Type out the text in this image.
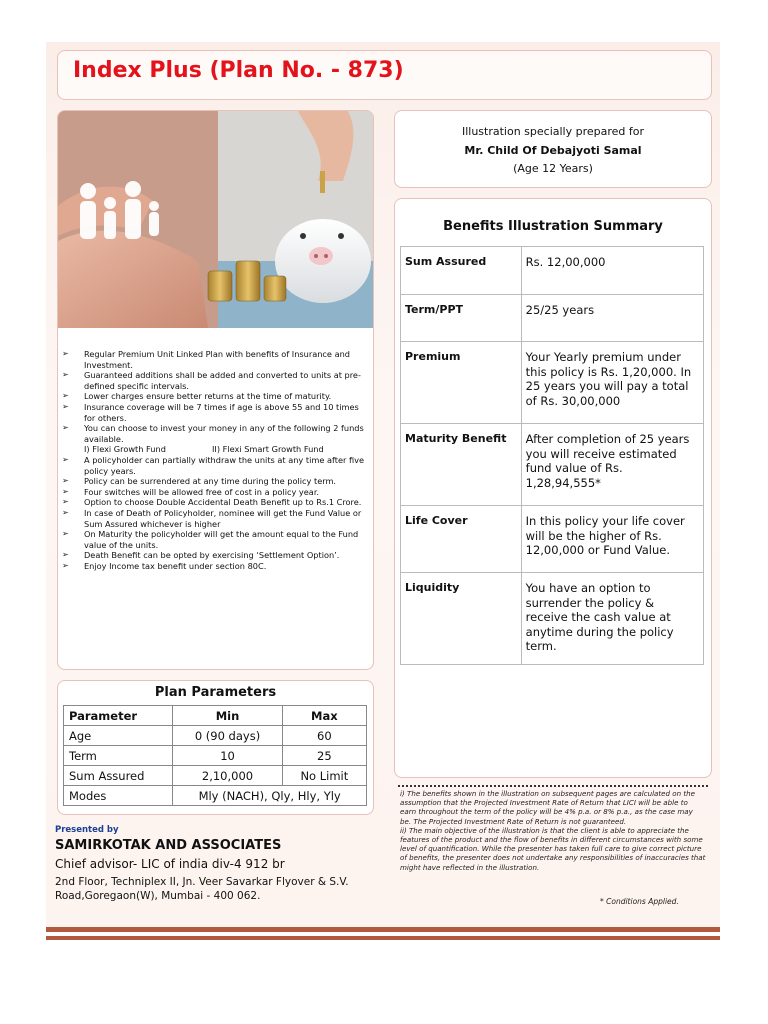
Index Plus (Plan No. - 873)
➢ Regular Premium Unit Linked Plan with benefits of Insurance and Investment.
➢ Guaranteed additions shall be added and converted to units at pre-defined specific intervals.
➢ Lower charges ensure better returns at the time of maturity.
➢ Insurance coverage will be 7 times if age is above 55 and 10 times for others.
➢ You can choose to invest your money in any of the following 2 funds available.
I) Flexi Growth Fund	II) Flexi Smart Growth Fund
➢ A policyholder can partially withdraw the units at any time after five policy years.
➢ Policy can be surrendered at any time during the policy term.
➢ Four switches will be allowed free of cost in a policy year.
➢ Option to choose Double Accidental Death Benefit up to Rs.1 Crore.
➢ In case of Death of Policyholder, nominee will get the Fund Value or Sum Assured whichever is higher
➢ On Maturity the policyholder will get the amount equal to the Fund value of the units.
➢ Death Benefit can be opted by exercising ‘Settlement Option’.
➢ Enjoy Income tax benefit under section 80C.
Plan Parameters
Parameter	Min	Max
Age	0 (90 days)	60
Term	10	25
Sum Assured	2,10,000	No Limit
Modes	Mly (NACH), Qly, Hly, Yly	
Presented by
SAMIRKOTAK AND ASSOCIATES
Chief advisor- LIC of india div-4 912 br
2nd Floor, Techniplex II, Jn. Veer Savarkar Flyover & S.V. Road,Goregaon(W), Mumbai - 400 062.
Illustration specially prepared for
Mr. Child Of Debajyoti Samal
(Age 12 Years)
Benefits Illustration Summary
Sum Assured	Rs. 12,00,000
Term/PPT	25/25 years
Premium	Your Yearly premium under this policy is Rs. 1,20,000. In 25 years you will pay a total of Rs. 30,00,000
Maturity Benefit	After completion of 25 years you will receive estimated fund value of Rs. 1,28,94,555*
Life Cover	In this policy your life cover will be the higher of Rs. 12,00,000 or Fund Value.
Liquidity	You have an option to surrender the policy & receive the cash value at anytime during the policy term.
i) The benefits shown in the illustration on subsequent pages are calculated on the assumption that the Projected Investment Rate of Return that LICI will be able to earn throughout the term of the policy will be 4% p.a. or 8% p.a., as the case may be. The Projected Investment Rate of Return is not guaranteed.
ii) The main objective of the illustration is that the client is able to appreciate the features of the product and the flow of benefits in different circumstances with some level of quantification. While the presenter has taken full care to give correct picture of benefits, the presenter does not undertake any responsibilities of inaccuracies that might have reflected in the illustration.
* Conditions Applied.
